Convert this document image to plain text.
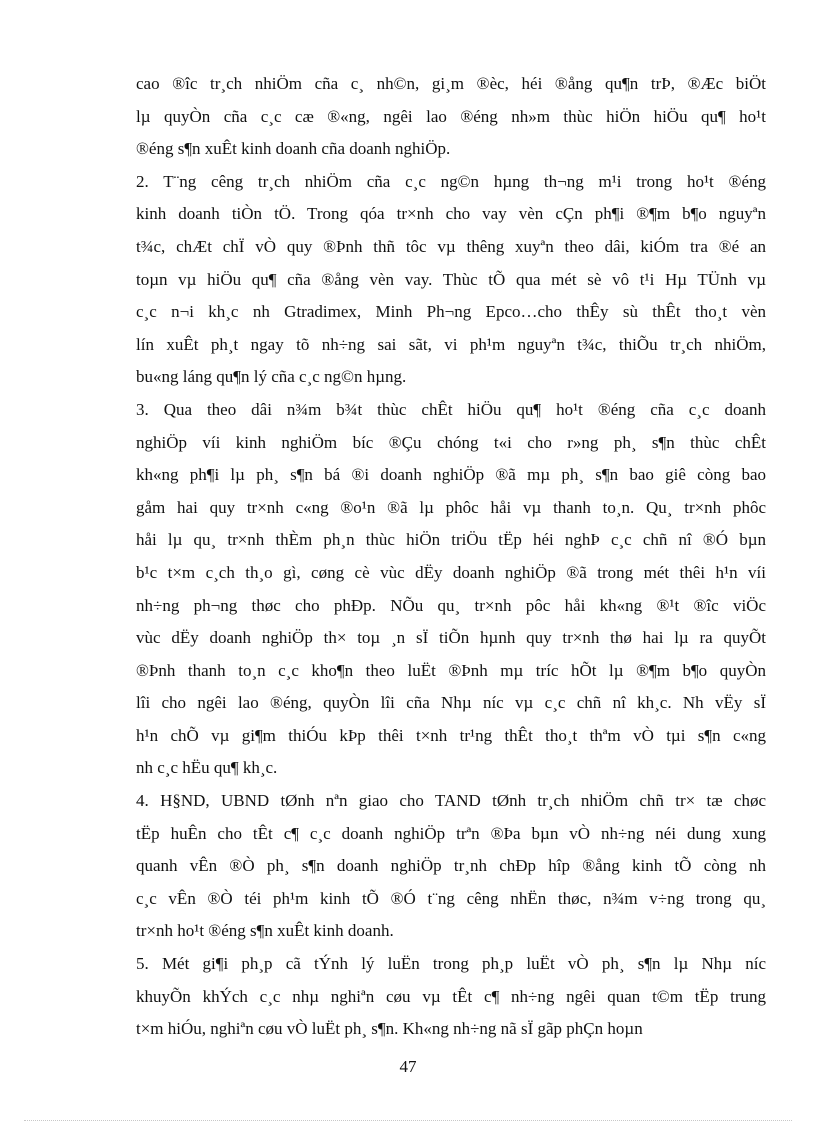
cao ®îc tr¸ch nhiÖm cña c¸ nh©n, gi¸m ®èc, héi ®ång qu¶n trÞ, ®Æc biÖt
lµ quyÒn cña c¸c cæ ®«ng, ngêi lao ®éng nh»m thùc hiÖn hiÖu qu¶ ho¹t
®éng s¶n xuÊt kinh doanh cña doanh nghiÖp.
2. T¨ng cêng tr¸ch nhiÖm cña c¸c ng©n hµng th¬ng m¹i trong ho¹t ®éng
kinh doanh tiÒn tÖ. Trong qóa tr×nh cho vay vèn cÇn ph¶i ®¶m b¶o nguyªn
t¾c, chÆt chÏ vÒ quy ®Þnh thñ tôc vµ thêng xuyªn theo dâi, kiÓm tra ®é an
toµn vµ hiÖu qu¶ cña ®ång vèn vay. Thùc tÕ qua mét sè vô t¹i Hµ TÜnh vµ
c¸c n¬i kh¸c nh Gtradimex, Minh Ph¬ng Epco…cho thÊy sù thÊt tho¸t vèn
lín xuÊt ph¸t ngay tõ nh÷ng sai sãt, vi ph¹m nguyªn t¾c, thiÕu tr¸ch nhiÖm,
bu«ng láng qu¶n lý cña c¸c ng©n hµng.
3. Qua theo dâi n¾m b¾t thùc chÊt hiÖu qu¶ ho¹t ®éng cña c¸c doanh
nghiÖp víi kinh nghiÖm bíc ®Çu chóng t«i cho r»ng ph¸ s¶n thùc chÊt
kh«ng ph¶i lµ ph¸ s¶n bá ®i doanh nghiÖp ®ã mµ ph¸ s¶n bao giê còng bao
gåm hai quy tr×nh c«ng ®o¹n ®ã lµ phôc håi vµ thanh to¸n. Qu¸ tr×nh phôc
håi lµ qu¸ tr×nh thÈm ph¸n thùc hiÖn triÖu tËp héi nghÞ c¸c chñ nî ®Ó bµn
b¹c t×m c¸ch th¸o gì, cøng cè vùc dËy doanh nghiÖp ®ã trong mét thêi h¹n víi
nh÷ng ph¬ng thøc cho phÐp. NÕu qu¸ tr×nh pôc håi kh«ng ®¹t ®îc viÖc
vùc dËy doanh nghiÖp th× toµ ¸n sÏ tiÕn hµnh quy tr×nh thø hai lµ ra quyÕt
®Þnh thanh to¸n c¸c kho¶n theo luËt ®Þnh mµ tríc hÕt lµ ®¶m b¶o quyÒn
lîi cho ngêi lao ®éng, quyÒn lîi cña Nhµ níc vµ c¸c chñ nî kh¸c. Nh vËy sÏ
h¹n chÕ vµ gi¶m thiÓu kÞp thêi t×nh tr¹ng thÊt tho¸t thªm vÒ tµi s¶n c«ng
nh c¸c hËu qu¶ kh¸c.
4. H§ND, UBND tØnh nªn giao cho TAND tØnh tr¸ch nhiÖm chñ tr× tæ chøc
tËp huÊn cho tÊt c¶ c¸c doanh nghiÖp trªn ®Þa bµn vÒ nh÷ng néi dung xung
quanh vÊn ®Ò ph¸ s¶n doanh nghiÖp tr¸nh chÐp hîp ®ång kinh tÕ còng nh
c¸c vÊn ®Ò téi ph¹m kinh tÕ ®Ó t¨ng cêng nhËn thøc, n¾m v÷ng trong qu¸
tr×nh ho¹t ®éng s¶n xuÊt kinh doanh.
5. Mét gi¶i ph¸p cã tÝnh lý luËn trong ph¸p luËt vÒ ph¸ s¶n lµ Nhµ níc
khuyÕn khÝch c¸c nhµ nghiªn cøu vµ tÊt c¶ nh÷ng ngêi quan t©m tËp trung
t×m hiÓu, nghiªn cøu vÒ luËt ph¸ s¶n. Kh«ng nh÷ng nã sÏ gãp phÇn hoµn
47
